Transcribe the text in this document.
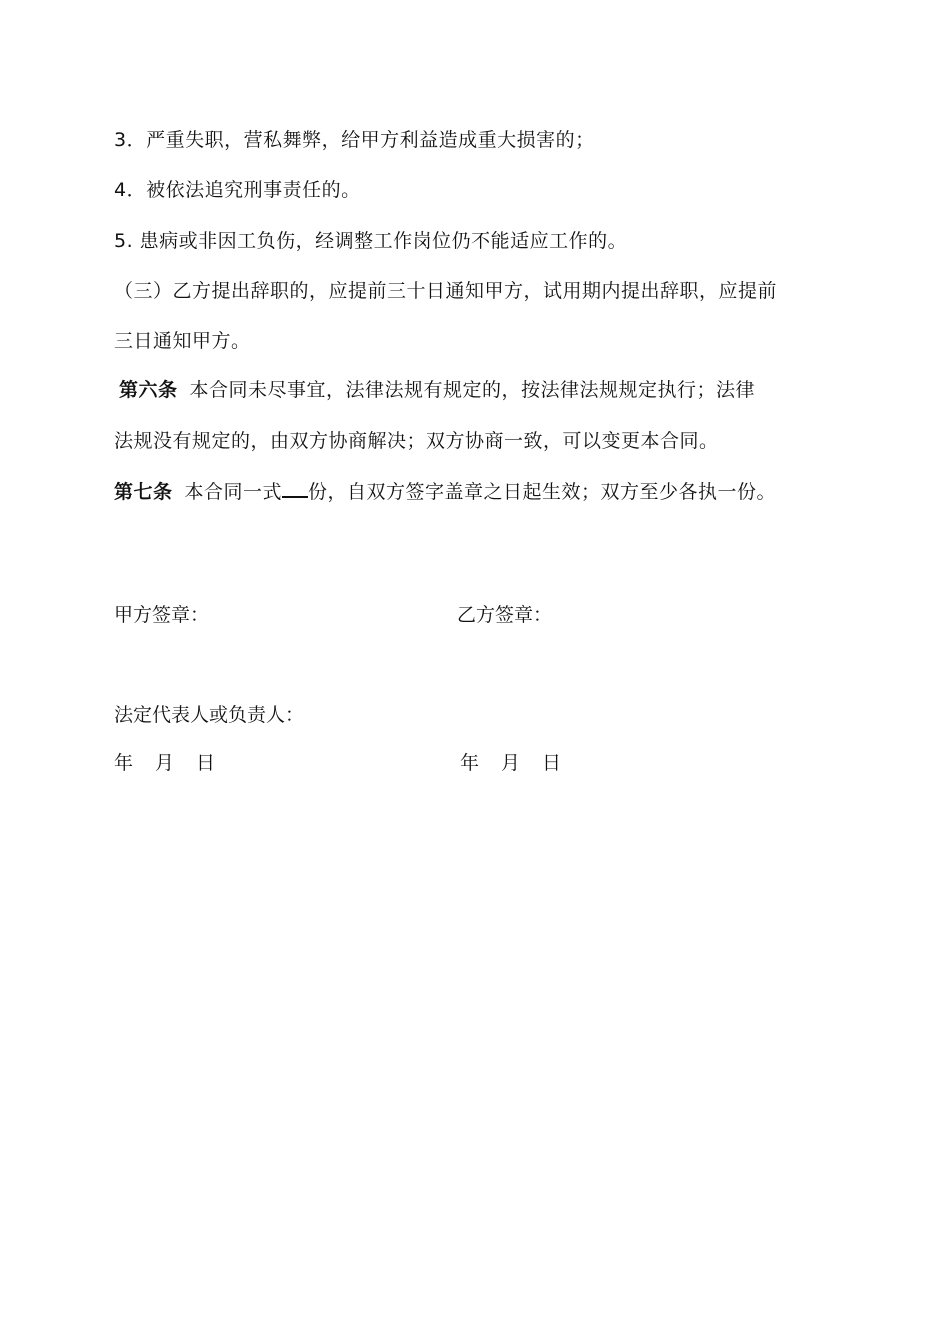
3．严重失职，营私舞弊，给甲方利益造成重大损害的；
4．被依法追究刑事责任的。
5. 患病或非因工负伤，经调整工作岗位仍不能适应工作的。
（三）乙方提出辞职的，应提前三十日通知甲方，试用期内提出辞职，应提前
三日通知甲方。
第六条 本合同未尽事宜，法律法规有规定的，按法律法规规定执行；法律
法规没有规定的，由双方协商解决；双方协商一致，可以变更本合同。
第七条 本合同一式 份，自双方签字盖章之日起生效；双方至少各执一份。
甲方签章：	乙方签章：
法定代表人或负责人：
年 月 日	年 月 日
